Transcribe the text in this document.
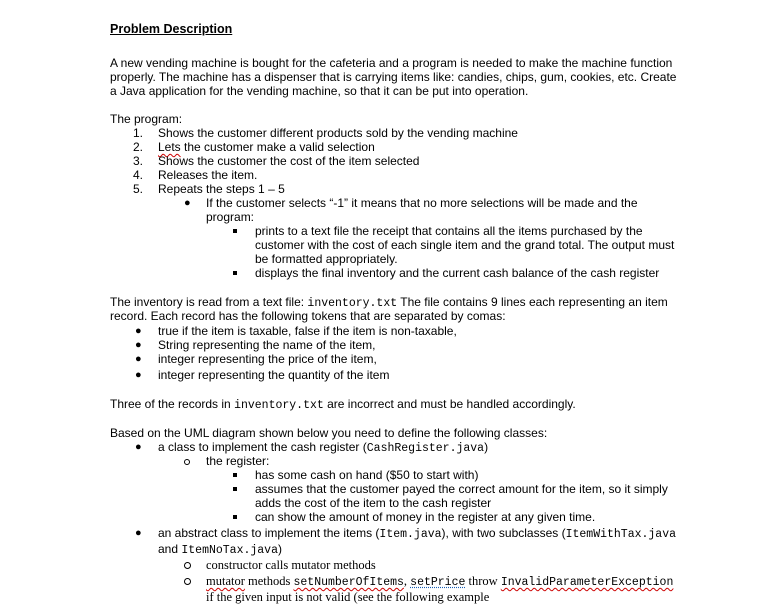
Problem Description
A new vending machine is bought for the cafeteria and a program is needed to make the machine function
properly. The machine has a dispenser that is carrying items like: candies, chips, gum, cookies, etc. Create
a Java application for the vending machine, so that it can be put into operation.
The program:
1. Shows the customer different products sold by the vending machine
2. Lets the customer make a valid selection
3. Shows the customer the cost of the item selected
4. Releases the item.
5. Repeats the steps 1 – 5
● If the customer selects “-1” it means that no more selections will be made and the
program:
prints to a text file the receipt that contains all the items purchased by the
customer with the cost of each single item and the grand total. The output must
be formatted appropriately.
displays the final inventory and the current cash balance of the cash register
The inventory is read from a text file: inventory.txt The file contains 9 lines each representing an item
record. Each record has the following tokens that are separated by comas:
● true if the item is taxable, false if the item is non-taxable,
● String representing the name of the item,
● integer representing the price of the item,
● integer representing the quantity of the item
Three of the records in inventory.txt are incorrect and must be handled accordingly.
Based on the UML diagram shown below you need to define the following classes:
● a class to implement the cash register (CashRegister.java)
the register:
has some cash on hand ($50 to start with)
assumes that the customer payed the correct amount for the item, so it simply
adds the cost of the item to the cash register
can show the amount of money in the register at any given time.
● an abstract class to implement the items (Item.java), with two subclasses (ItemWithTax.java
and ItemNoTax.java)
constructor calls mutator methods
mutator methods setNumberOfItems, setPrice throw InvalidParameterException
if the given input is not valid (see the following example
